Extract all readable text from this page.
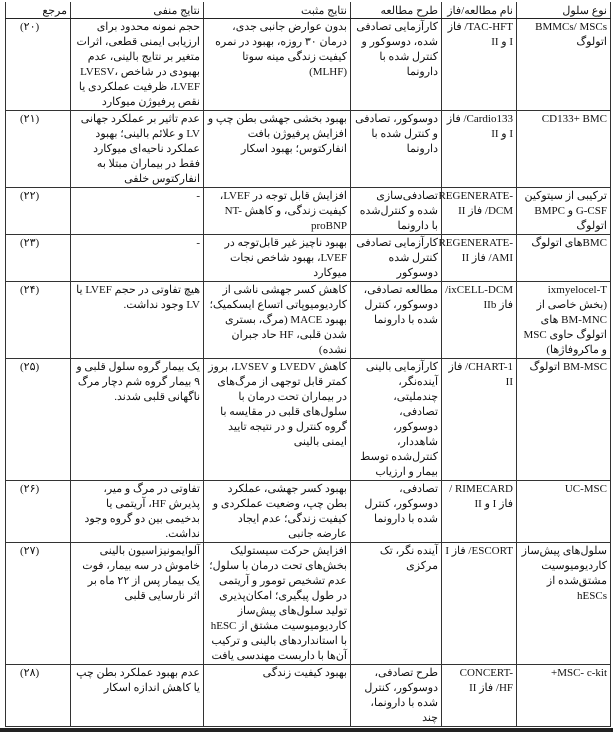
نوع سلول	نام مطالعه/فاز	طرح مطالعه	نتایج مثبت	نتایج منفی	مرجع
BMMCs/ MSCs اتولوگ	TAC-HFT/ فاز I و II	کارآزمایی تصادفی شده، دوسوکور و کنترل شده با دارونما	بدون عوارض جانبی جدی، درمان ۳۰ روزه، بهبود در نمره کیفیت زندگی مینه سوتا (MLHF)	حجم نمونه محدود برای ارزیابی ایمنی قطعی، اثرات متغیر بر نتایج بالینی، عدم بهبودی در شاخص LVESV، LVEF، ظرفیت عملکردی یا نقص پرفیوژن میوکارد	(۲۰)
CD133+ BMC	Cardio133/ فاز I و II	دوسوکور، تصادفی و کنترل شده با دارونما	بهبود بخشی جهشی بطن چپ و افزایش پرفیوژن بافت انفارکتوس؛ بهبود اسکار	عدم تاثیر بر عملکرد جهانی LV و علائم بالینی؛ بهبود عملکرد ناحیه‌ای میوکارد فقط در بیماران مبتلا به انفارکتوس خلفی	(۲۱)
ترکیبی از سیتوکین G-CSF و BMPC اتولوگ	REGENERATE-DCM/ فاز II	تصادفی‌سازی شده و کنترل‌شده با دارونما	افزایش قابل توجه در LVEF، کیفیت زندگی، و کاهش NT-proBNP	-	(۲۲)
BMCهای اتولوگ	REGENERATE-AMI/ فاز II	کارآزمایی تصادفی کنترل شده دوسوکور	بهبود ناچیز غیر قابل‌توجه در LVEF، بهبود شاخص نجات میوکارد	-	(۲۳)
ixmyelocel-T (بخش خاصی از BM-MNC های اتولوگ حاوی MSC و ماکروفاژها)	ixCELL-DCM/ فاز IIb	مطالعه تصادفی، دوسوکور، کنترل شده با دارونما	کاهش کسر جهشی ناشی از کاردیومیوپاتی اتساع ایسکمیک؛ بهبود MACE (مرگ، بستری شدن قلبی، HF حاد جبران نشده)	هیچ تفاوتی در حجم LVEF یا LV وجود نداشت.	(۲۴)
BM-MSC اتولوگ	CHART-1/ فاز II	کارآزمایی بالینی آینده‌نگر، چندملیتی، تصادفی، دوسوکور، شاهددار، کنترل‌شده توسط بیمار و ارزیاب	کاهش LVEDV و LVSEV، بروز کمتر قابل توجهی از مرگ‌های در بیماران تحت درمان با سلول‌های قلبی در مقایسه با گروه کنترل و در نتیجه تایید ایمنی بالینی	یک بیمار گروه سلول قلبی و ۹ بیمار گروه شم دچار مرگ ناگهانی قلبی شدند.	(۲۵)
UC-MSC	RIMECARD / فاز I و II	تصادفی، دوسوکور، کنترل شده با دارونما	بهبود کسر جهشی، عملکرد بطن چپ، وضعیت عملکردی و کیفیت زندگی؛ عدم ایجاد عارضه جانبی	تفاوتی در مرگ و میر، پذیرش HF، آریتمی یا بدخیمی بین دو گروه وجود نداشت.	(۲۶)
سلول‌های پیش‌ساز کاردیومیوسیت مشتق‌شده از hESCs	ESCORT/ فاز I	آینده نگر، تک مرکزی	افزایش حرکت سیستولیک بخش‌های تحت درمان با سلول؛ عدم تشخیص تومور و آریتمی در طول پیگیری؛ امکان‌پذیری تولید سلول‌های پیش‌ساز کاردیومیوسیت مشتق از hESC با استانداردهای بالینی و ترکیب آن‌ها با داربست مهندسی یافت	آلوایمونیزاسیون بالینی خاموش در سه بیمار، فوت یک بیمار پس از ۲۲ ماه بر اثر نارسایی قلبی	(۲۷)
MSC- c-kit+	CONCERT-HF/ فاز II	طرح تصادفی، دوسوکور، کنترل شده با دارونما، چند	بهبود کیفیت زندگی	عدم بهبود عملکرد بطن چپ یا کاهش اندازه اسکار	(۲۸)
